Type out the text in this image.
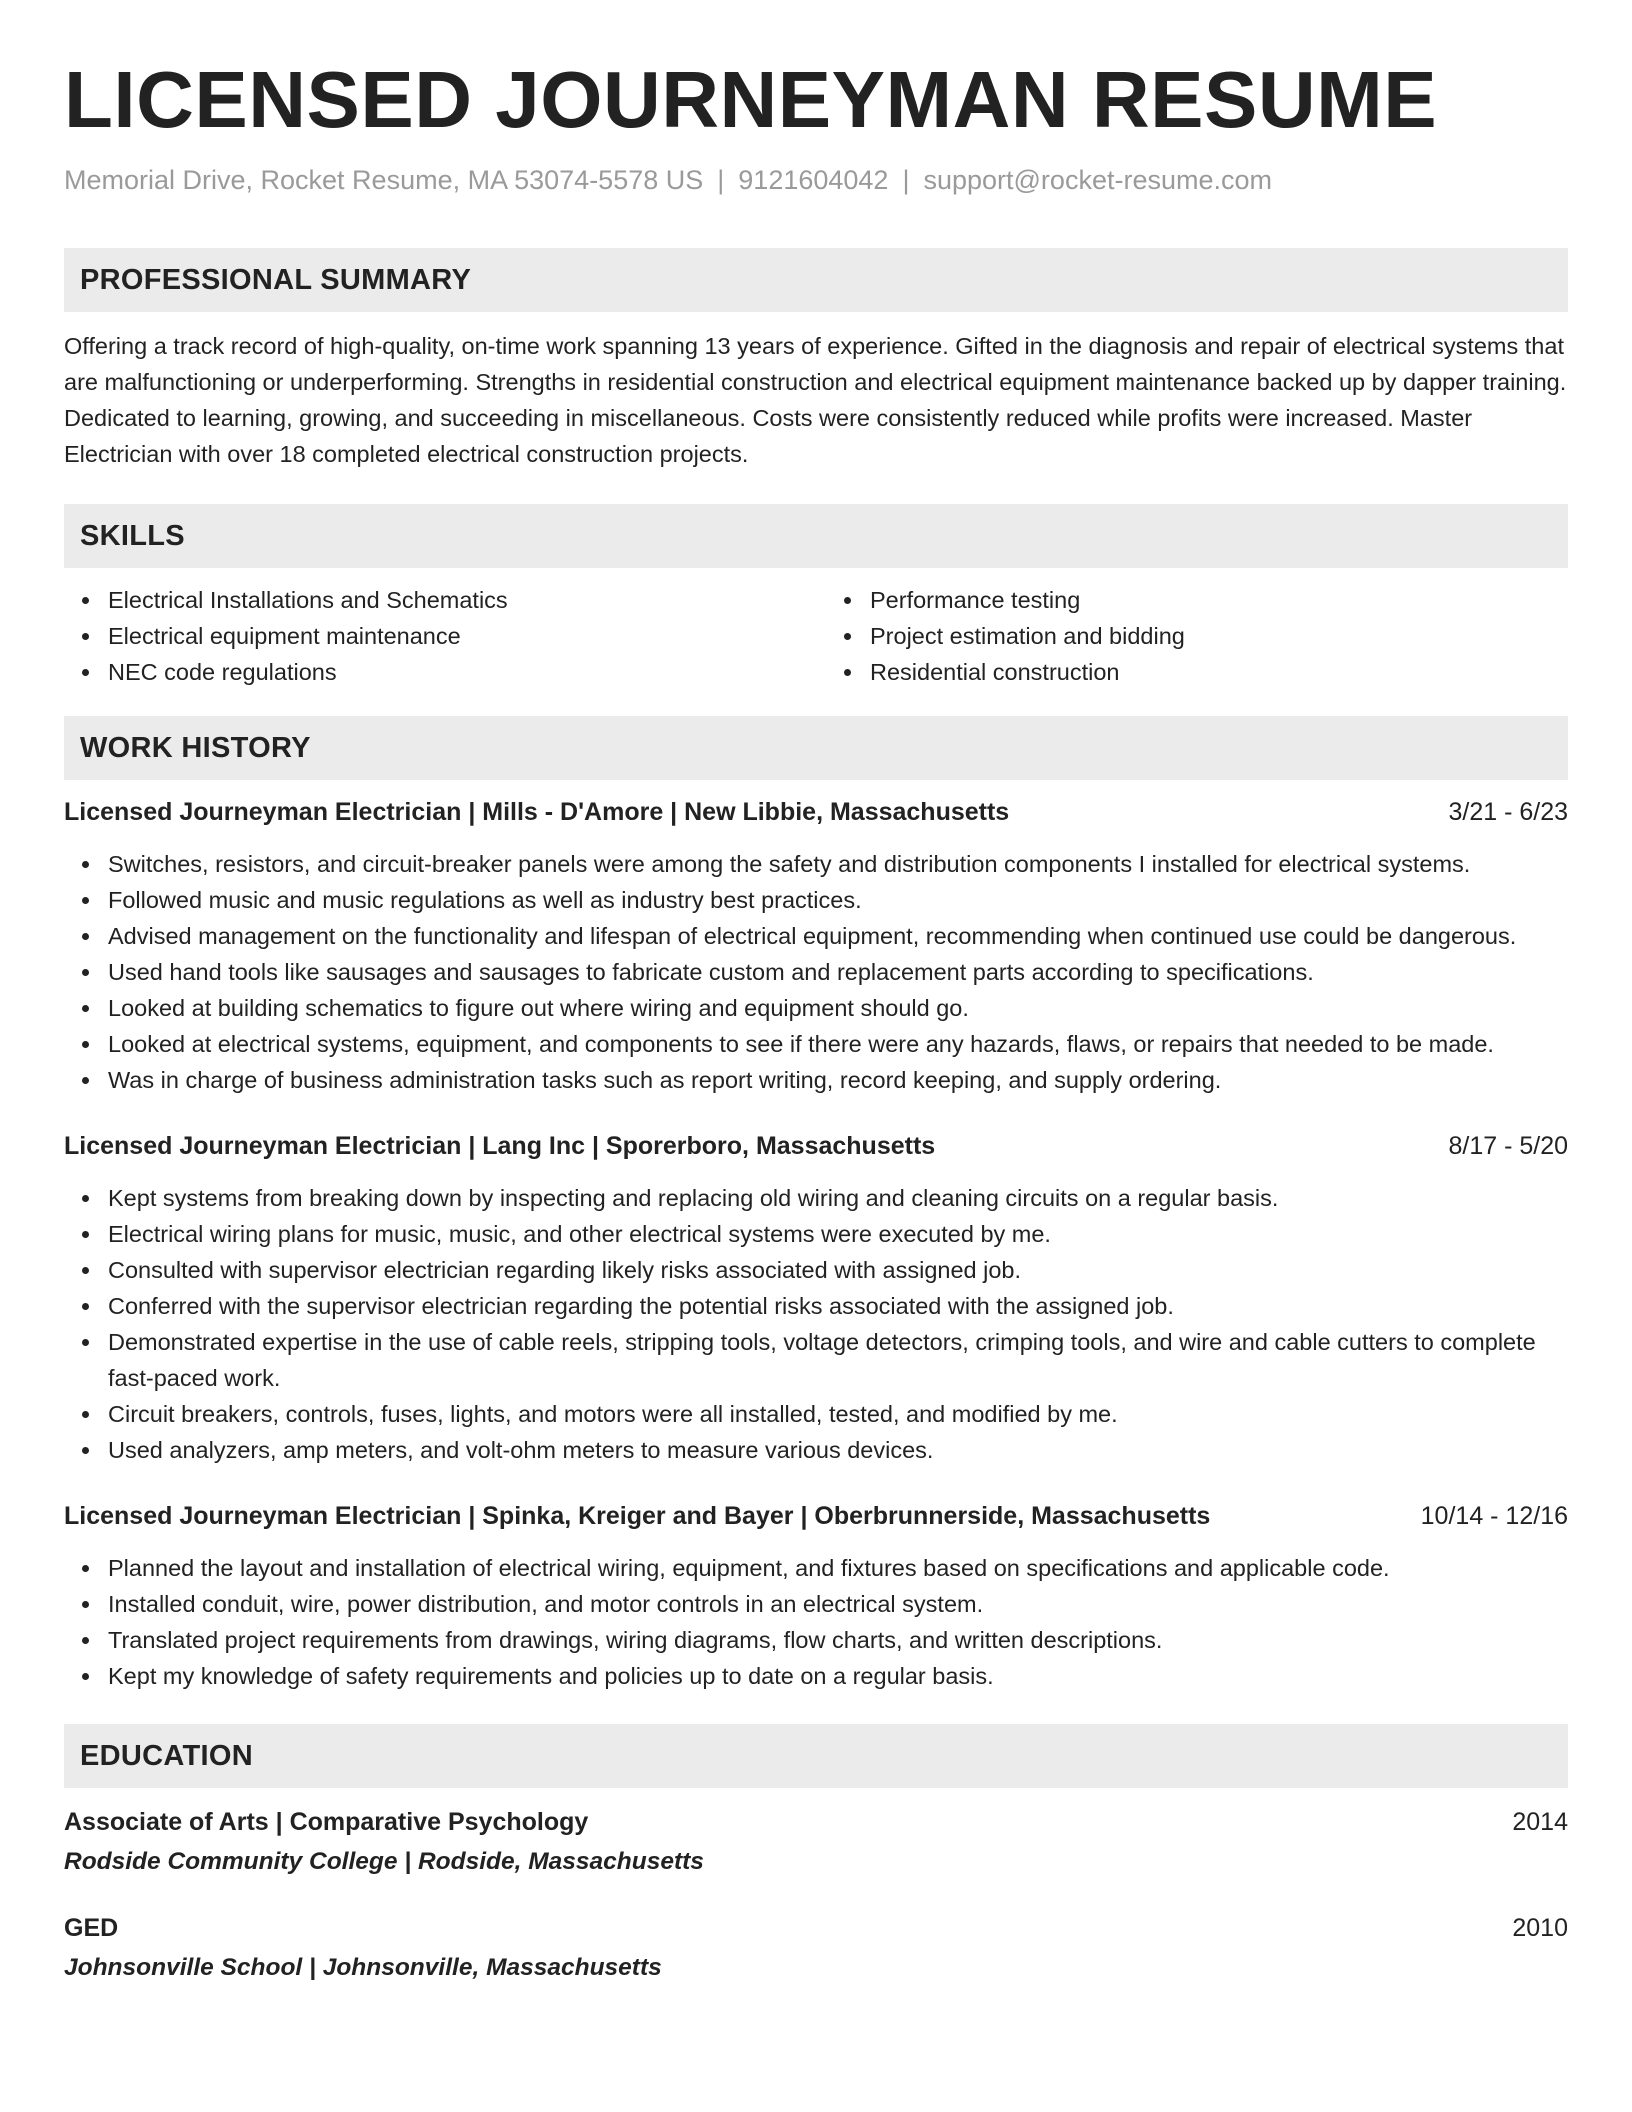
LICENSED JOURNEYMAN RESUME
Memorial Drive, Rocket Resume, MA 53074-5578 US | 9121604042 | support@rocket-resume.com
PROFESSIONAL SUMMARY
Offering a track record of high-quality, on-time work spanning 13 years of experience. Gifted in the diagnosis and repair of electrical systems that are malfunctioning or underperforming. Strengths in residential construction and electrical equipment maintenance backed up by dapper training. Dedicated to learning, growing, and succeeding in miscellaneous. Costs were consistently reduced while profits were increased. Master Electrician with over 18 completed electrical construction projects.
SKILLS
Electrical Installations and Schematics
Electrical equipment maintenance
NEC code regulations
Performance testing
Project estimation and bidding
Residential construction
WORK HISTORY
Licensed Journeyman Electrician | Mills - D'Amore | New Libbie, Massachusetts	3/21 - 6/23
Switches, resistors, and circuit-breaker panels were among the safety and distribution components I installed for electrical systems.
Followed music and music regulations as well as industry best practices.
Advised management on the functionality and lifespan of electrical equipment, recommending when continued use could be dangerous.
Used hand tools like sausages and sausages to fabricate custom and replacement parts according to specifications.
Looked at building schematics to figure out where wiring and equipment should go.
Looked at electrical systems, equipment, and components to see if there were any hazards, flaws, or repairs that needed to be made.
Was in charge of business administration tasks such as report writing, record keeping, and supply ordering.
Licensed Journeyman Electrician | Lang Inc | Sporerboro, Massachusetts	8/17 - 5/20
Kept systems from breaking down by inspecting and replacing old wiring and cleaning circuits on a regular basis.
Electrical wiring plans for music, music, and other electrical systems were executed by me.
Consulted with supervisor electrician regarding likely risks associated with assigned job.
Conferred with the supervisor electrician regarding the potential risks associated with the assigned job.
Demonstrated expertise in the use of cable reels, stripping tools, voltage detectors, crimping tools, and wire and cable cutters to complete fast-paced work.
Circuit breakers, controls, fuses, lights, and motors were all installed, tested, and modified by me.
Used analyzers, amp meters, and volt-ohm meters to measure various devices.
Licensed Journeyman Electrician | Spinka, Kreiger and Bayer | Oberbrunnerside, Massachusetts	10/14 - 12/16
Planned the layout and installation of electrical wiring, equipment, and fixtures based on specifications and applicable code.
Installed conduit, wire, power distribution, and motor controls in an electrical system.
Translated project requirements from drawings, wiring diagrams, flow charts, and written descriptions.
Kept my knowledge of safety requirements and policies up to date on a regular basis.
EDUCATION
Associate of Arts | Comparative Psychology	2014
Rodside Community College | Rodside, Massachusetts
GED	2010
Johnsonville School | Johnsonville, Massachusetts
